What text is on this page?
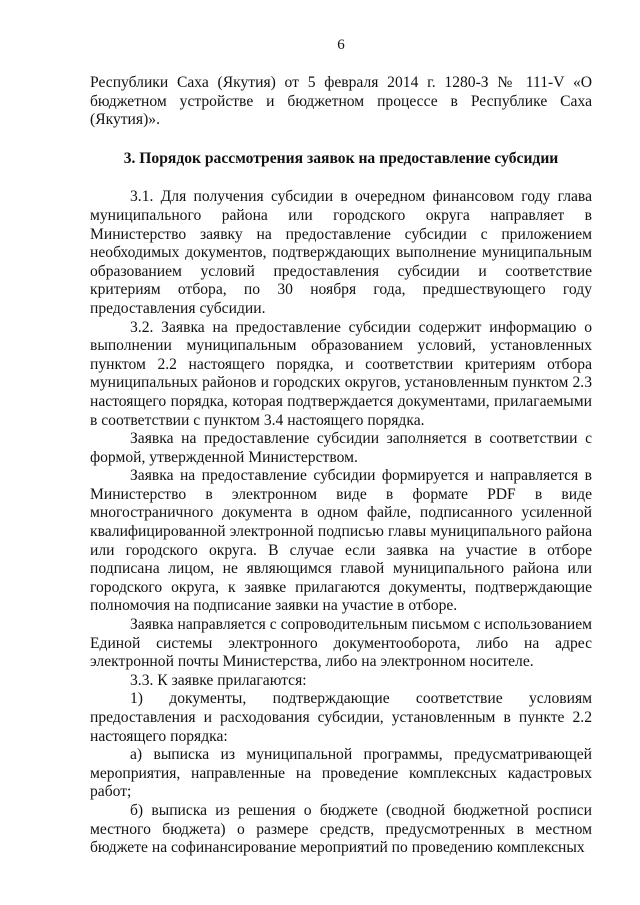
6

Республики Саха (Якутия) от 5 февраля 2014 г. 1280-З № 111-V «О бюджетном устройстве и бюджетном процессе в Республике Саха (Якутия)».

3. Порядок рассмотрения заявок на предоставление субсидии

3.1. Для получения субсидии в очередном финансовом году глава муниципального района или городского округа направляет в Министерство заявку на предоставление субсидии с приложением необходимых документов, подтверждающих выполнение муниципальным образованием условий предоставления субсидии и соответствие критериям отбора, по 30 ноября года, предшествующего году предоставления субсидии.

3.2. Заявка на предоставление субсидии содержит информацию о выполнении муниципальным образованием условий, установленных пунктом 2.2 настоящего порядка, и соответствии критериям отбора муниципальных районов и городских округов, установленным пунктом 2.3 настоящего порядка, которая подтверждается документами, прилагаемыми в соответствии с пунктом 3.4 настоящего порядка.

Заявка на предоставление субсидии заполняется в соответствии с формой, утвержденной Министерством.

Заявка на предоставление субсидии формируется и направляется в Министерство в электронном виде в формате PDF в виде многостраничного документа в одном файле, подписанного усиленной квалифицированной электронной подписью главы муниципального района или городского округа. В случае если заявка на участие в отборе подписана лицом, не являющимся главой муниципального района или городского округа, к заявке прилагаются документы, подтверждающие полномочия на подписание заявки на участие в отборе.

Заявка направляется с сопроводительным письмом с использованием Единой системы электронного документооборота, либо на адрес электронной почты Министерства, либо на электронном носителе.

3.3. К заявке прилагаются:

1) документы, подтверждающие соответствие условиям предоставления и расходования субсидии, установленным в пункте 2.2 настоящего порядка:

а) выписка из муниципальной программы, предусматривающей мероприятия, направленные на проведение комплексных кадастровых работ;

б) выписка из решения о бюджете (сводной бюджетной росписи местного бюджета) о размере средств, предусмотренных в местном бюджете на софинансирование мероприятий по проведению комплексных
